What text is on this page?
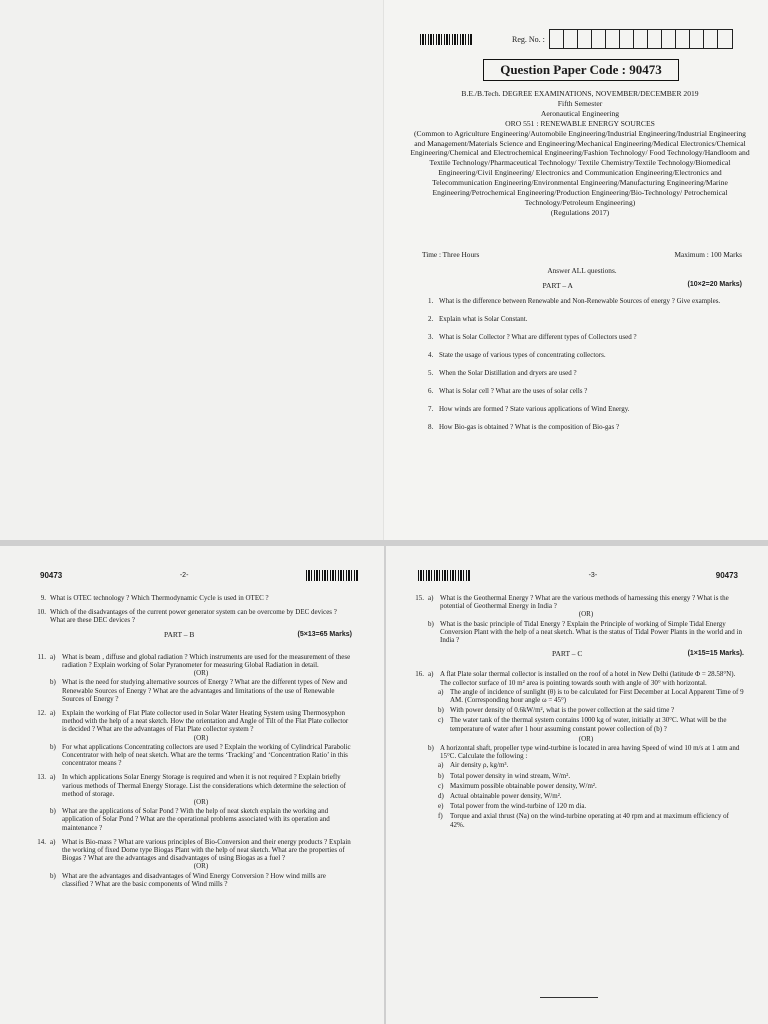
Reg. No. :
Question Paper Code : 90473
B.E./B.Tech. DEGREE EXAMINATIONS, NOVEMBER/DECEMBER 2019
Fifth Semester
Aeronautical Engineering
ORO 551 : RENEWABLE ENERGY SOURCES
(Common to Agriculture Engineering/Automobile Engineering/Industrial Engineering/Industrial Engineering and Management/Materials Science and Engineering/Mechanical Engineering/Medical Electronics/Chemical Engineering/Chemical and Electrochemical Engineering/Fashion Technology/ Food Technology/Handloom and Textile Technology/Pharmaceutical Technology/ Textile Chemistry/Textile Technology/Biomedical Engineering/Civil Engineering/ Electronics and Communication Engineering/Electronics and Telecommunication Engineering/Environmental Engineering/Manufacturing Engineering/Marine Engineering/Petrochemical Engineering/Production Engineering/Bio-Technology/ Petrochemical Technology/Petroleum Engineering)
(Regulations 2017)
Time : Three Hours	Maximum : 100 Marks
Answer ALL questions.
PART – A	(10×2=20 Marks)
1. What is the difference between Renewable and Non-Renewable Sources of energy ? Give examples.
2. Explain what is Solar Constant.
3. What is Solar Collector ? What are different types of Collectors used ?
4. State the usage of various types of concentrating collectors.
5. When the Solar Distillation and dryers are used ?
6. What is Solar cell ? What are the uses of solar cells ?
7. How winds are formed ? State various applications of Wind Energy.
8. How Bio-gas is obtained ? What is the composition of Bio-gas ?
90473	-2-
9. What is OTEC technology ? Which Thermodynamic Cycle is used in OTEC ?
10. Which of the disadvantages of the current power generator system can be overcome by DEC devices ? What are these DEC devices ?
PART – B	(5×13=65 Marks)
11. a) What is beam , diffuse and global radiation ? Which instruments are used for the measurement of these radiation ? Explain working of Solar Pyranometer for measuring Global Radiation in detail.
(OR)
b) What is the need for studying alternative sources of Energy ? What are the different types of New and Renewable Sources of Energy ? What are the advantages and limitations of the use of Renewable Sources of Energy ?
12. a) Explain the working of Flat Plate collector used in Solar Water Heating System using Thermosyphon method with the help of a neat sketch. How the orientation and Angle of Tilt of the Flat Plate collector is decided ? What are the advantages of Flat Plate collector system ?
(OR)
b) For what applications Concentrating collectors are used ? Explain the working of Cylindrical Parabolic Concentrator with help of neat sketch. What are the terms ‘Tracking’ and ‘Concentration Ratio’ in this concentrator means ?
13. a) In which applications Solar Energy Storage is required and when it is not required ? Explain briefly various methods of Thermal Energy Storage. List the considerations which determine the selection of method of storage.
(OR)
b) What are the applications of Solar Pond ? With the help of neat sketch explain the working and application of Solar Pond ? What are the operational problems associated with its operation and maintenance ?
14. a) What is Bio-mass ? What are various principles of Bio-Conversion and their energy products ? Explain the working of fixed Dome type Biogas Plant with the help of neat sketch. What are the properties of Biogas ? What are the advantages and disadvantages of using Biogas as a fuel ?
(OR)
b) What are the advantages and disadvantages of Wind Energy Conversion ? How wind mills are classified ? What are the basic components of Wind mills ?
-3-	90473
15. a) What is the Geothermal Energy ? What are the various methods of harnessing this energy ? What is the potential of Geothermal Energy in India ?
(OR)
b) What is the basic principle of Tidal Energy ? Explain the Principle of working of Simple Tidal Energy Conversion Plant with the help of a neat sketch. What is the status of Tidal Power Plants in the world and in India ?
PART – C	(1×15=15 Marks).
16. a) A flat Plate solar thermal collector is installed on the roof of a hotel in New Delhi (latitude Φ = 28.58°N). The collector surface of 10 m² area is pointing towards south with angle of 30° with horizontal.
a) The angle of incidence of sunlight (θ) is to be calculated for First December at Local Apparent Time of 9 AM. (Corresponding hour angle ω = 45°)
b) With power density of 0.6kW/m², what is the power collection at the said time ?
c) The water tank of the thermal system contains 1000 kg of water, initially at 30°C. What will be the temperature of water after 1 hour assuming constant power collection of (b) ?
(OR)
b) A horizontal shaft, propeller type wind-turbine is located in area having Speed of wind 10 m/s at 1 atm and 15°C. Calculate the following :
a) Air density ρ, kg/m³.
b) Total power density in wind stream, W/m².
c) Maximum possible obtainable power density, W/m².
d) Actual obtainable power density, W/m².
e) Total power from the wind-turbine of 120 m dia.
f)	Torque and axial thrust (Na) on the wind-turbine operating at 40 rpm and at maximum efficiency of 42%.
